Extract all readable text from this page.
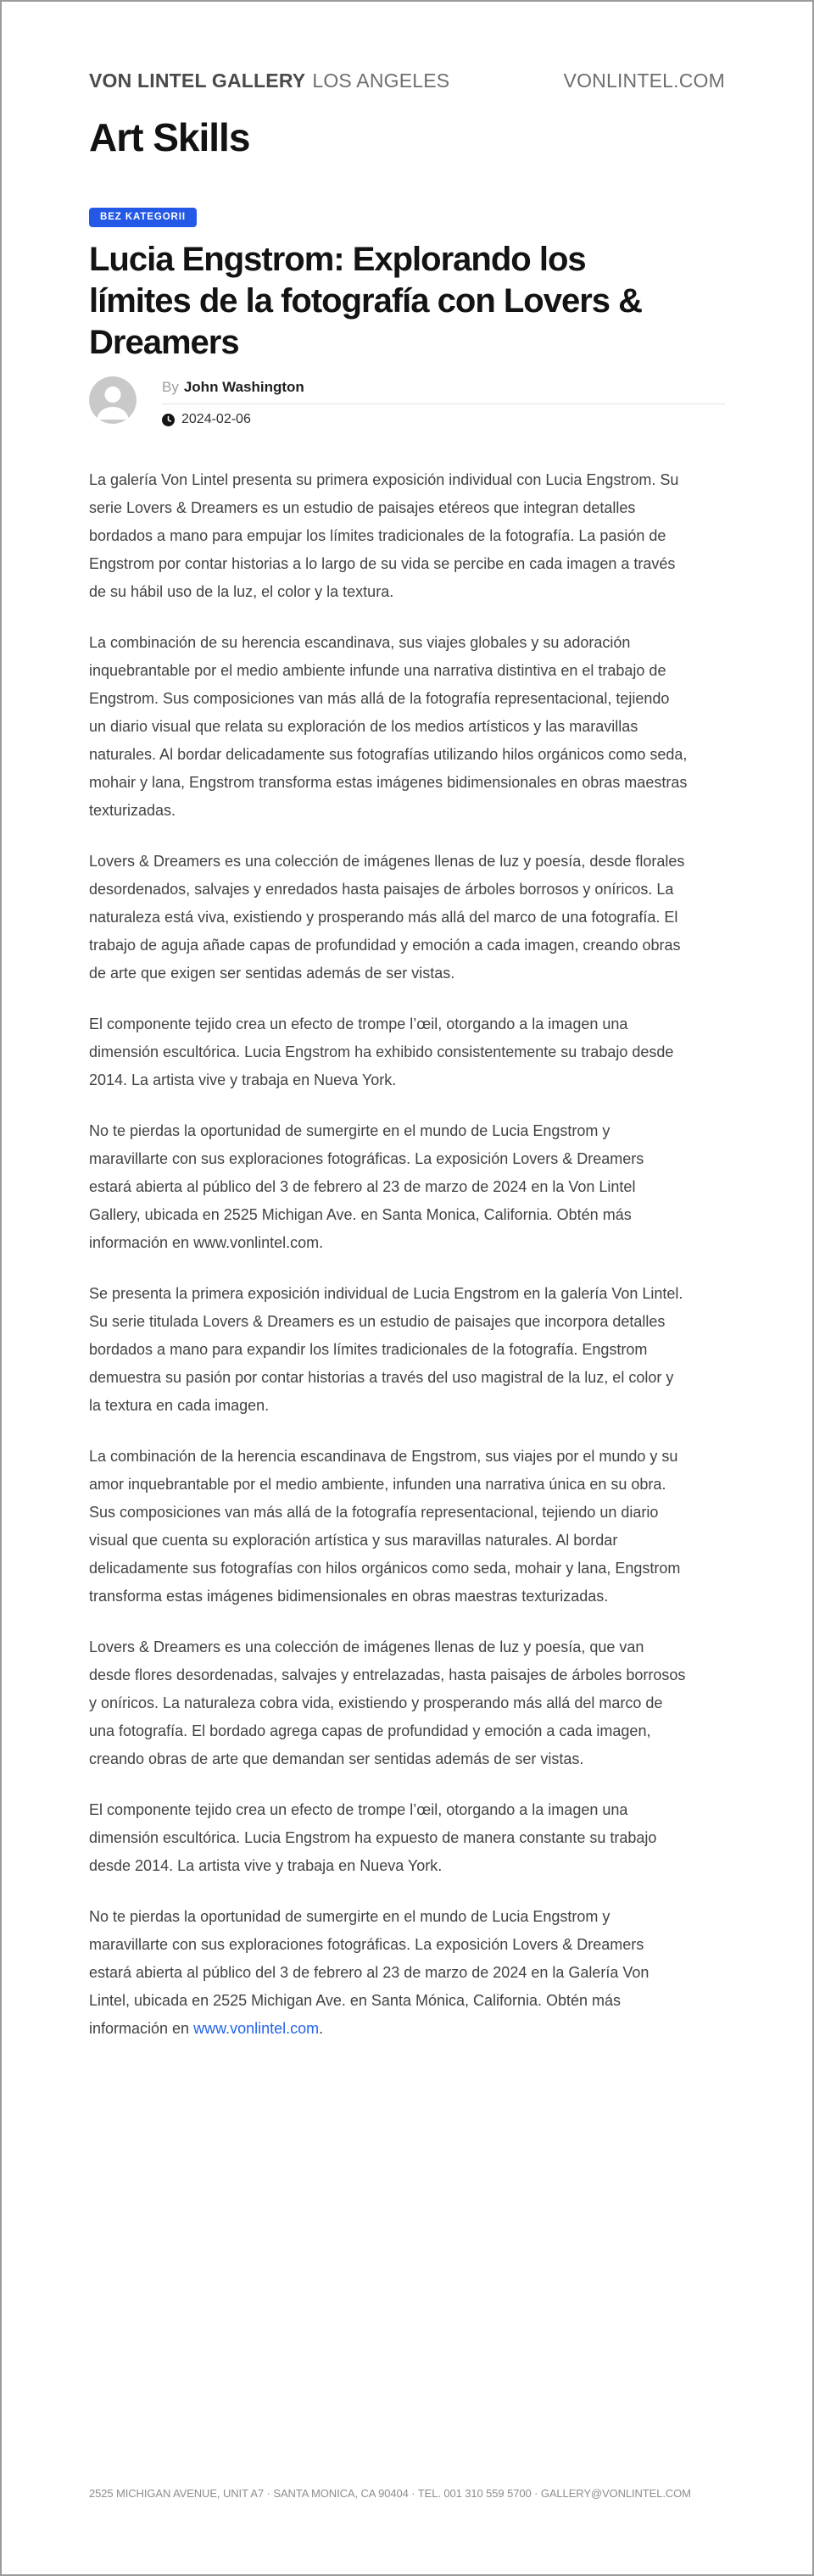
VON LINTEL GALLERY LOS ANGELES	VONLINTEL.COM
Art Skills
BEZ KATEGORII
Lucia Engstrom: Explorando los límites de la fotografía con Lovers & Dreamers
By John Washington
2024-02-06

La galería Von Lintel presenta su primera exposición individual con Lucia Engstrom. Su serie Lovers & Dreamers es un estudio de paisajes etéreos que integran detalles bordados a mano para empujar los límites tradicionales de la fotografía. La pasión de Engstrom por contar historias a lo largo de su vida se percibe en cada imagen a través de su hábil uso de la luz, el color y la textura.

La combinación de su herencia escandinava, sus viajes globales y su adoración inquebrantable por el medio ambiente infunde una narrativa distintiva en el trabajo de Engstrom. Sus composiciones van más allá de la fotografía representacional, tejiendo un diario visual que relata su exploración de los medios artísticos y las maravillas naturales. Al bordar delicadamente sus fotografías utilizando hilos orgánicos como seda, mohair y lana, Engstrom transforma estas imágenes bidimensionales en obras maestras texturizadas.

Lovers & Dreamers es una colección de imágenes llenas de luz y poesía, desde florales desordenados, salvajes y enredados hasta paisajes de árboles borrosos y oníricos. La naturaleza está viva, existiendo y prosperando más allá del marco de una fotografía. El trabajo de aguja añade capas de profundidad y emoción a cada imagen, creando obras de arte que exigen ser sentidas además de ser vistas.

El componente tejido crea un efecto de trompe l’œil, otorgando a la imagen una dimensión escultórica. Lucia Engstrom ha exhibido consistentemente su trabajo desde 2014. La artista vive y trabaja en Nueva York.

No te pierdas la oportunidad de sumergirte en el mundo de Lucia Engstrom y maravillarte con sus exploraciones fotográficas. La exposición Lovers & Dreamers estará abierta al público del 3 de febrero al 23 de marzo de 2024 en la Von Lintel Gallery, ubicada en 2525 Michigan Ave. en Santa Monica, California. Obtén más información en www.vonlintel.com.

Se presenta la primera exposición individual de Lucia Engstrom en la galería Von Lintel. Su serie titulada Lovers & Dreamers es un estudio de paisajes que incorpora detalles bordados a mano para expandir los límites tradicionales de la fotografía. Engstrom demuestra su pasión por contar historias a través del uso magistral de la luz, el color y la textura en cada imagen.

La combinación de la herencia escandinava de Engstrom, sus viajes por el mundo y su amor inquebrantable por el medio ambiente, infunden una narrativa única en su obra. Sus composiciones van más allá de la fotografía representacional, tejiendo un diario visual que cuenta su exploración artística y sus maravillas naturales. Al bordar delicadamente sus fotografías con hilos orgánicos como seda, mohair y lana, Engstrom transforma estas imágenes bidimensionales en obras maestras texturizadas.

Lovers & Dreamers es una colección de imágenes llenas de luz y poesía, que van desde flores desordenadas, salvajes y entrelazadas, hasta paisajes de árboles borrosos y oníricos. La naturaleza cobra vida, existiendo y prosperando más allá del marco de una fotografía. El bordado agrega capas de profundidad y emoción a cada imagen, creando obras de arte que demandan ser sentidas además de ser vistas.

El componente tejido crea un efecto de trompe l’œil, otorgando a la imagen una dimensión escultórica. Lucia Engstrom ha expuesto de manera constante su trabajo desde 2014. La artista vive y trabaja en Nueva York.

No te pierdas la oportunidad de sumergirte en el mundo de Lucia Engstrom y maravillarte con sus exploraciones fotográficas. La exposición Lovers & Dreamers estará abierta al público del 3 de febrero al 23 de marzo de 2024 en la Galería Von Lintel, ubicada en 2525 Michigan Ave. en Santa Mónica, California. Obtén más información en www.vonlintel.com.

2525 MICHIGAN AVENUE, UNIT A7 · SANTA MONICA, CA 90404 · TEL. 001 310 559 5700 · GALLERY@VONLINTEL.COM
